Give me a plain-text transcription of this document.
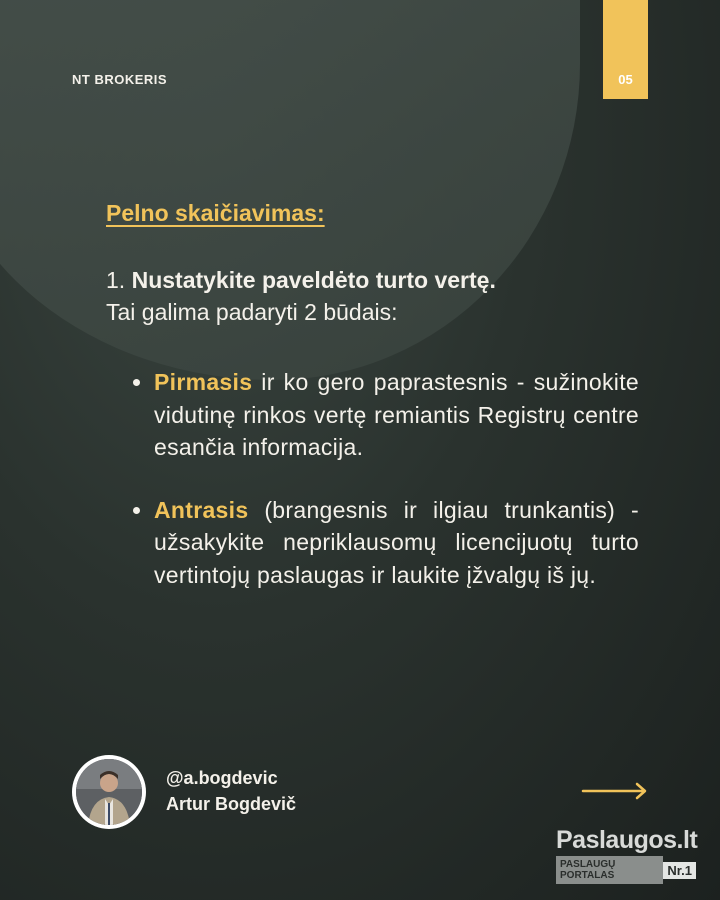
NT BROKERIS	05
Pelno skaičiavimas:
1. Nustatykite paveldėto turto vertę.
Tai galima padaryti 2 būdais:
• Pirmasis ir ko gero paprastesnis - sužinokite vidutinę rinkos vertę remiantis Registrų centre esančia informacija.
• Antrasis (brangesnis ir ilgiau trunkantis) - užsakykite nepriklausomų licencijuotų turto vertintojų paslaugas ir laukite įžvalgų iš jų.
@a.bogdevic
Artur Bogdevič
Paslaugos.lt
PASLAUGŲ PORTALAS	Nr.1
